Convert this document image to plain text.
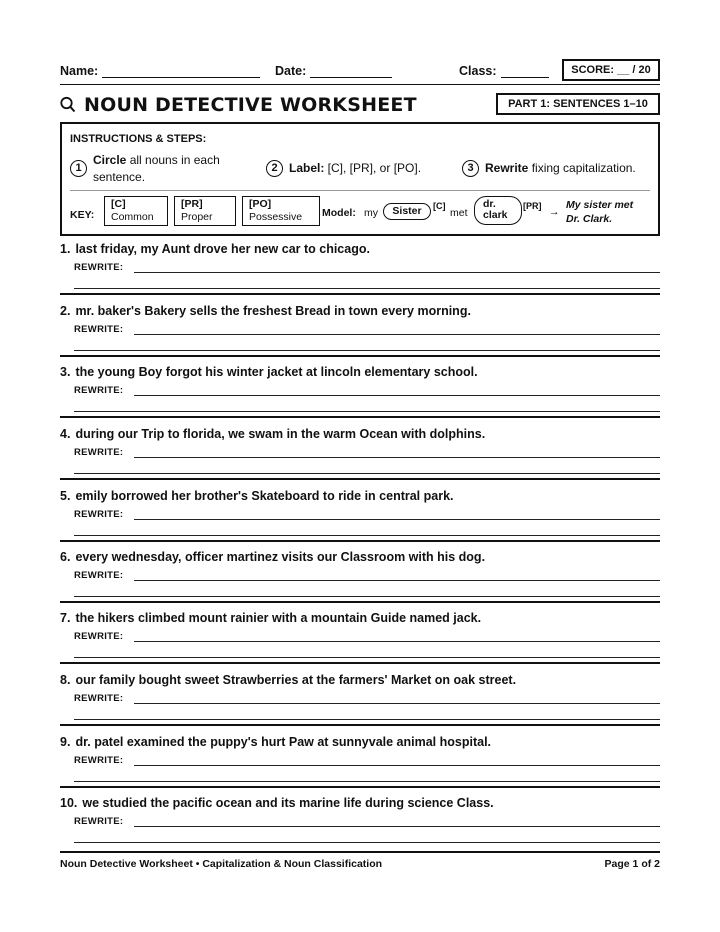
Name:	Date:	Class:	SCORE: __ / 20
NOUN DETECTIVE WORKSHEET	PART 1: SENTENCES 1–10
INSTRUCTIONS & STEPS:
1
Circle all nouns in each sentence.
2 Label: [C], [PR], or [PO].	3 Rewrite fixing capitalization.
KEY:
[C]
Common
[PR]
Proper
[PO]
Possessive	Model: my	Sister	[C]
met
dr. clark
[PR] →
My sister met Dr. Clark.
1. last friday, my Aunt drove her new car to chicago.
REWRITE:
2. mr. baker's Bakery sells the freshest Bread in town every morning.
REWRITE:
3. the young Boy forgot his winter jacket at lincoln elementary school.
REWRITE:
4. during our Trip to florida, we swam in the warm Ocean with dolphins.
REWRITE:
5. emily borrowed her brother's Skateboard to ride in central park.
REWRITE:
6. every wednesday, officer martinez visits our Classroom with his dog.
REWRITE:
7. the hikers climbed mount rainier with a mountain Guide named jack.
REWRITE:
8. our family bought sweet Strawberries at the farmers' Market on oak street.
REWRITE:
9. dr. patel examined the puppy's hurt Paw at sunnyvale animal hospital.
REWRITE:
10. we studied the pacific ocean and its marine life during science Class.
REWRITE:
Noun Detective Worksheet • Capitalization & Noun Classification	Page 1 of 2
